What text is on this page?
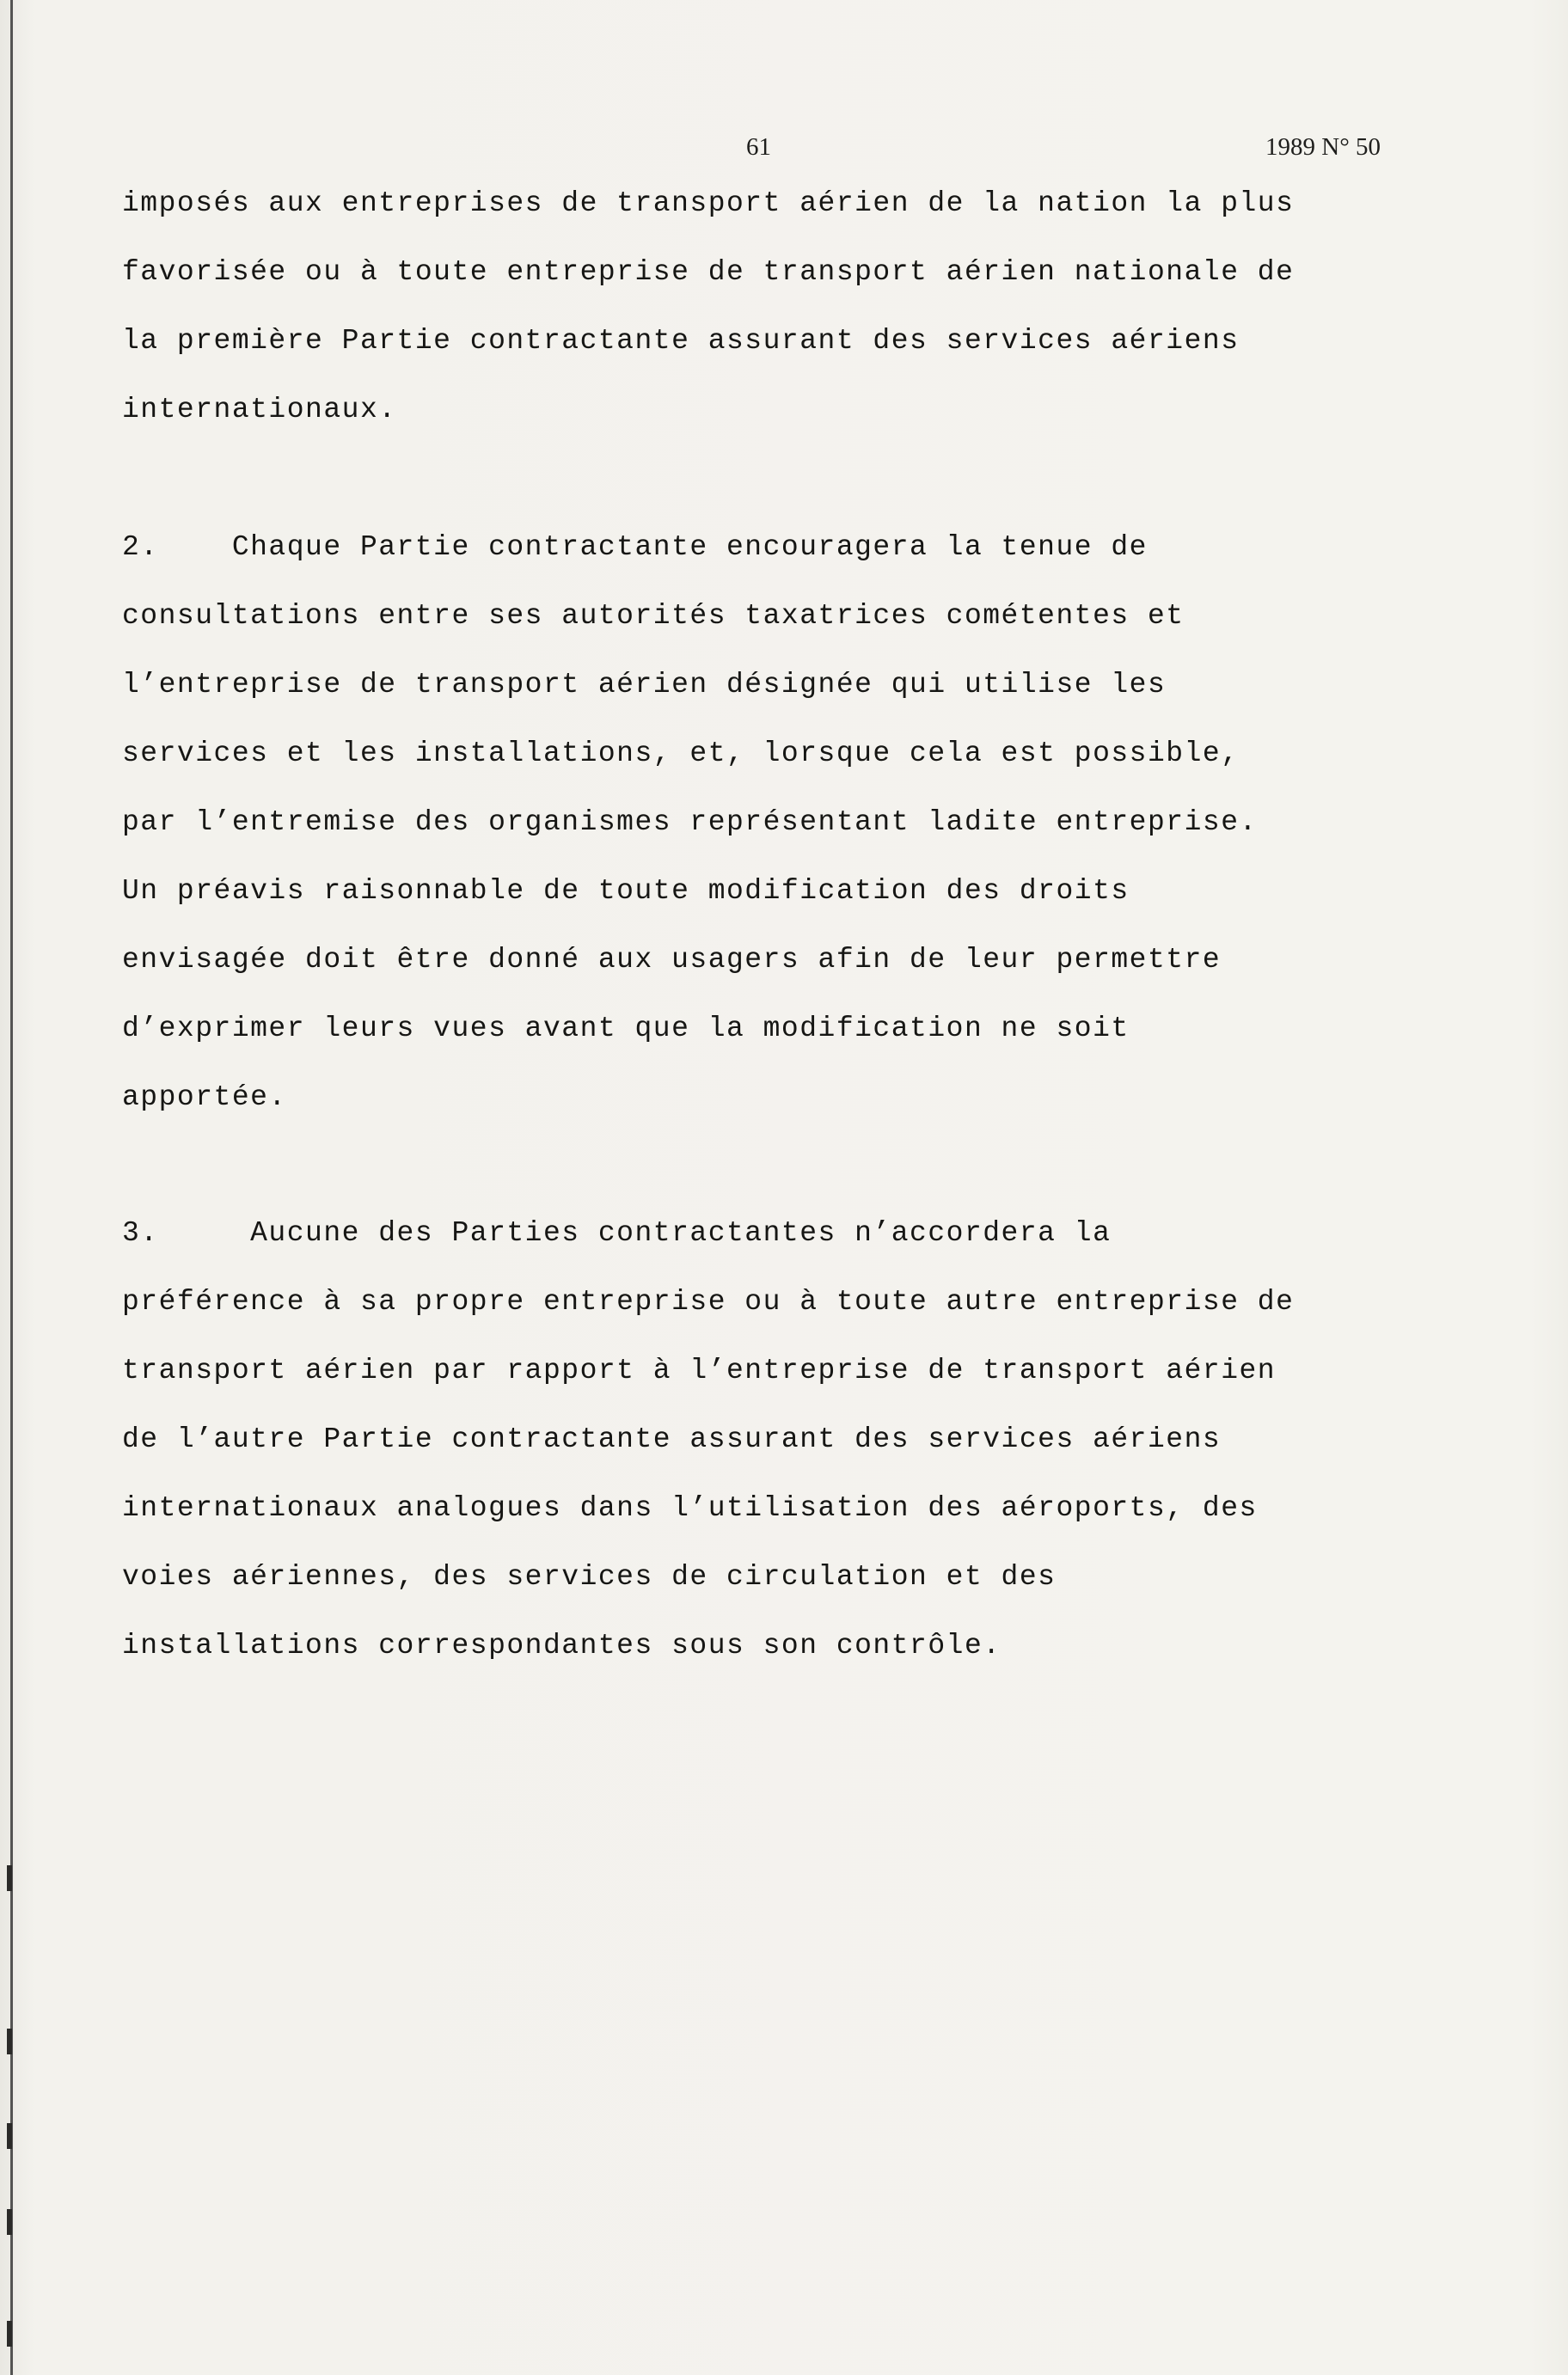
61	1989 N° 50
imposés aux entreprises de transport aérien de la nation la plus
favorisée ou à toute entreprise de transport aérien nationale de
la première Partie contractante assurant des services aériens
internationaux.
2.    Chaque Partie contractante encouragera la tenue de
consultations entre ses autorités taxatrices cométentes et
l’entreprise de transport aérien désignée qui utilise les
services et les installations, et, lorsque cela est possible,
par l’entremise des organismes représentant ladite entreprise.
Un préavis raisonnable de toute modification des droits
envisagée doit être donné aux usagers afin de leur permettre
d’exprimer leurs vues avant que la modification ne soit
apportée.
3.     Aucune des Parties contractantes n’accordera la
préférence à sa propre entreprise ou à toute autre entreprise de
transport aérien par rapport à l’entreprise de transport aérien
de l’autre Partie contractante assurant des services aériens
internationaux analogues dans l’utilisation des aéroports, des
voies aériennes, des services de circulation et des
installations correspondantes sous son contrôle.
